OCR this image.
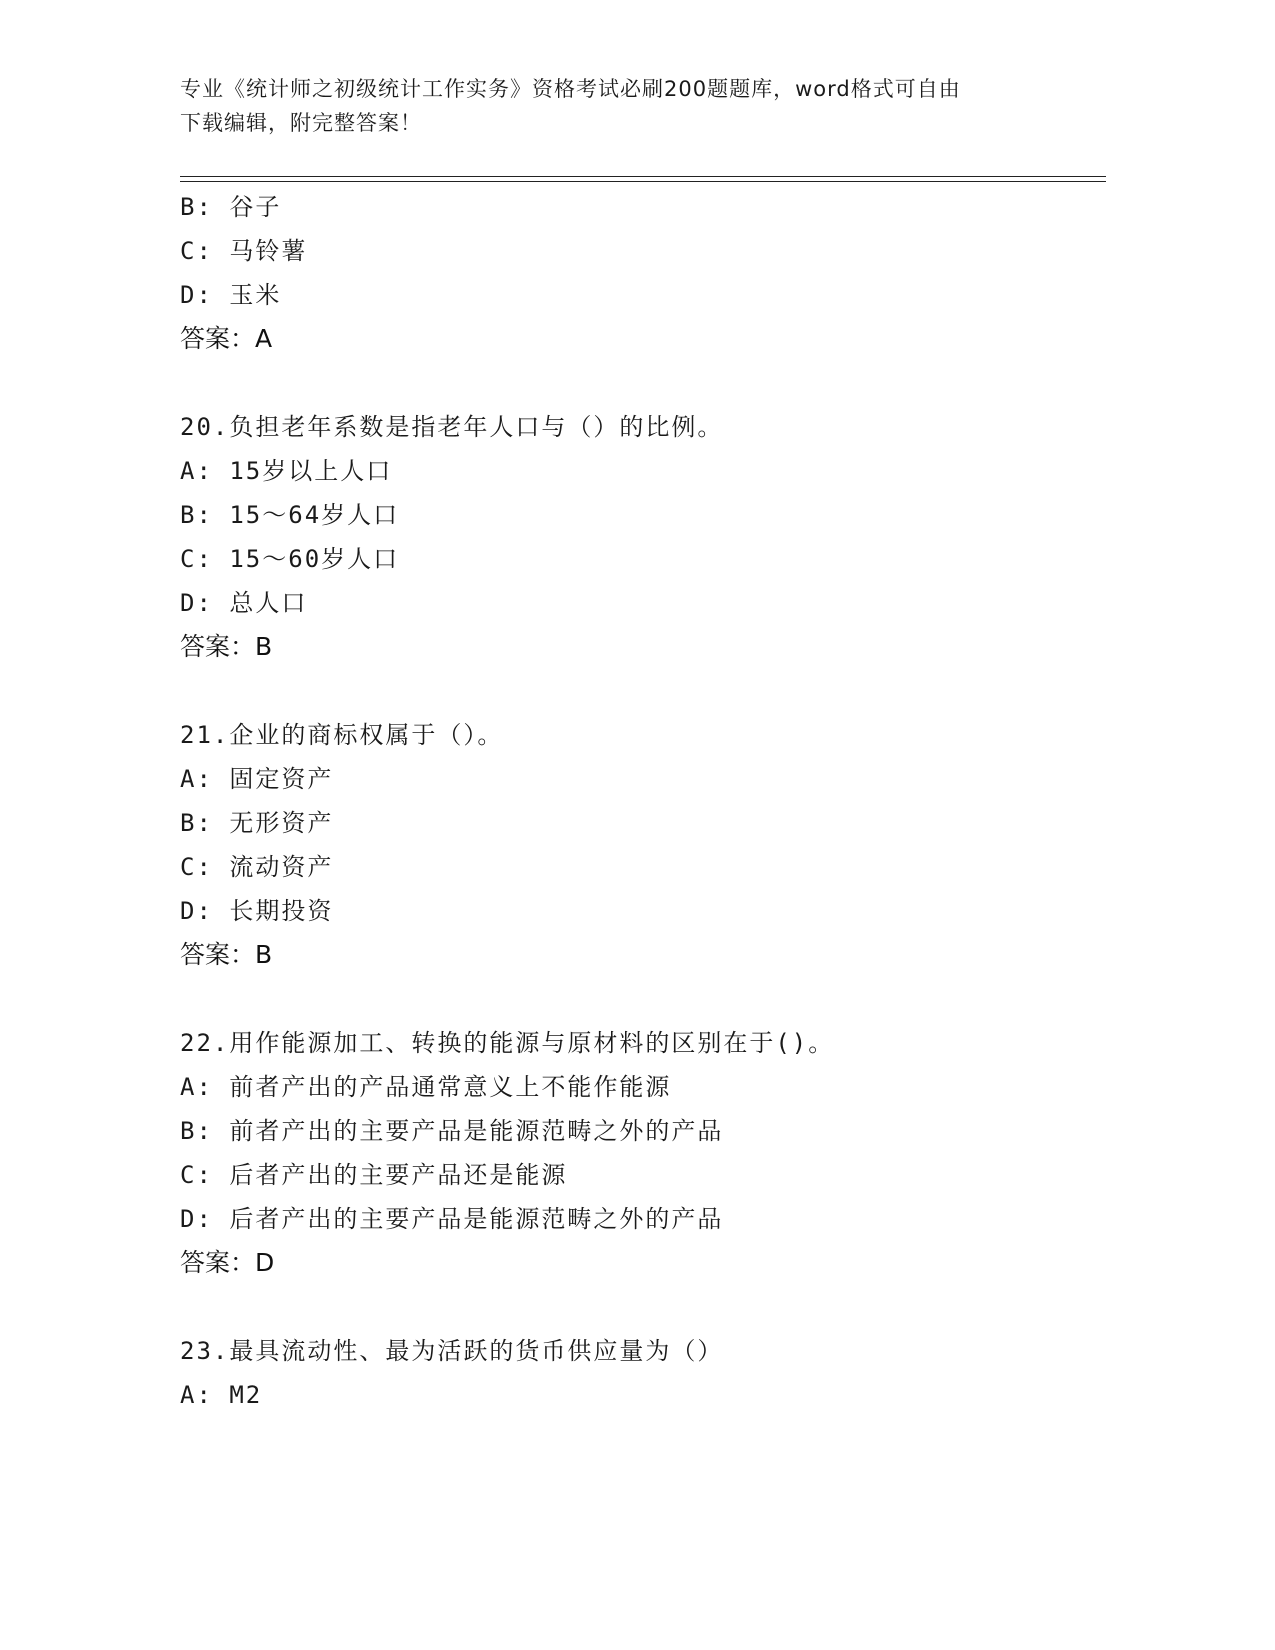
专业《统计师之初级统计工作实务》资格考试必刷200题题库，word格式可自由
下载编辑，附完整答案！
B: 谷子
C: 马铃薯
D: 玉米
答案：A
20.负担老年系数是指老年人口与（）的比例。
A: 15岁以上人口
B: 15～64岁人口
C: 15～60岁人口
D: 总人口
答案：B
21.企业的商标权属于（）。
A: 固定资产
B: 无形资产
C: 流动资产
D: 长期投资
答案：B
22.用作能源加工、转换的能源与原材料的区别在于()。
A: 前者产出的产品通常意义上不能作能源
B: 前者产出的主要产品是能源范畴之外的产品
C: 后者产出的主要产品还是能源
D: 后者产出的主要产品是能源范畴之外的产品
答案：D
23.最具流动性、最为活跃的货币供应量为（）
A: M2
